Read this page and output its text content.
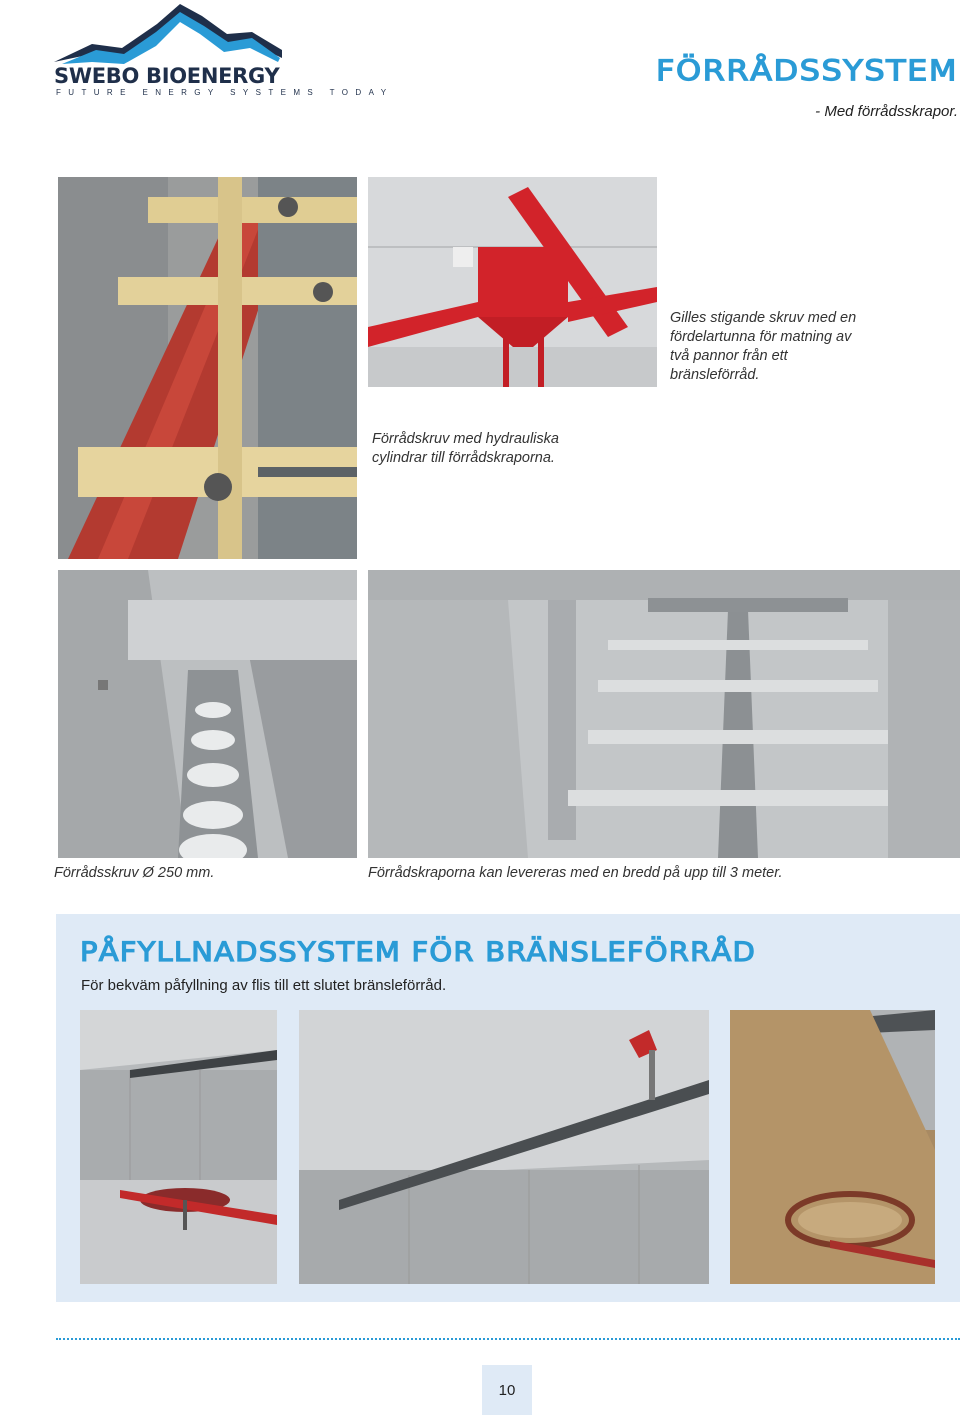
SWEBO BIOENERGY
FUTURE ENERGY SYSTEMS TODAY
FÖRRÅDSSYSTEM
- Med förrådsskrapor.
Gilles stigande skruv med en fördelartunna för matning av två pannor från ett bränsleförråd.
Förrådskruv med hydrauliska cylindrar till förrådskraporna.
Förrådsskruv Ø 250 mm.	Förrådskraporna kan levereras med en bredd på upp till 3 meter.
PÅFYLLNADSSYSTEM FÖR BRÄNSLEFÖRRÅD
För bekväm påfyllning av flis till ett slutet bränsleförråd.
10
